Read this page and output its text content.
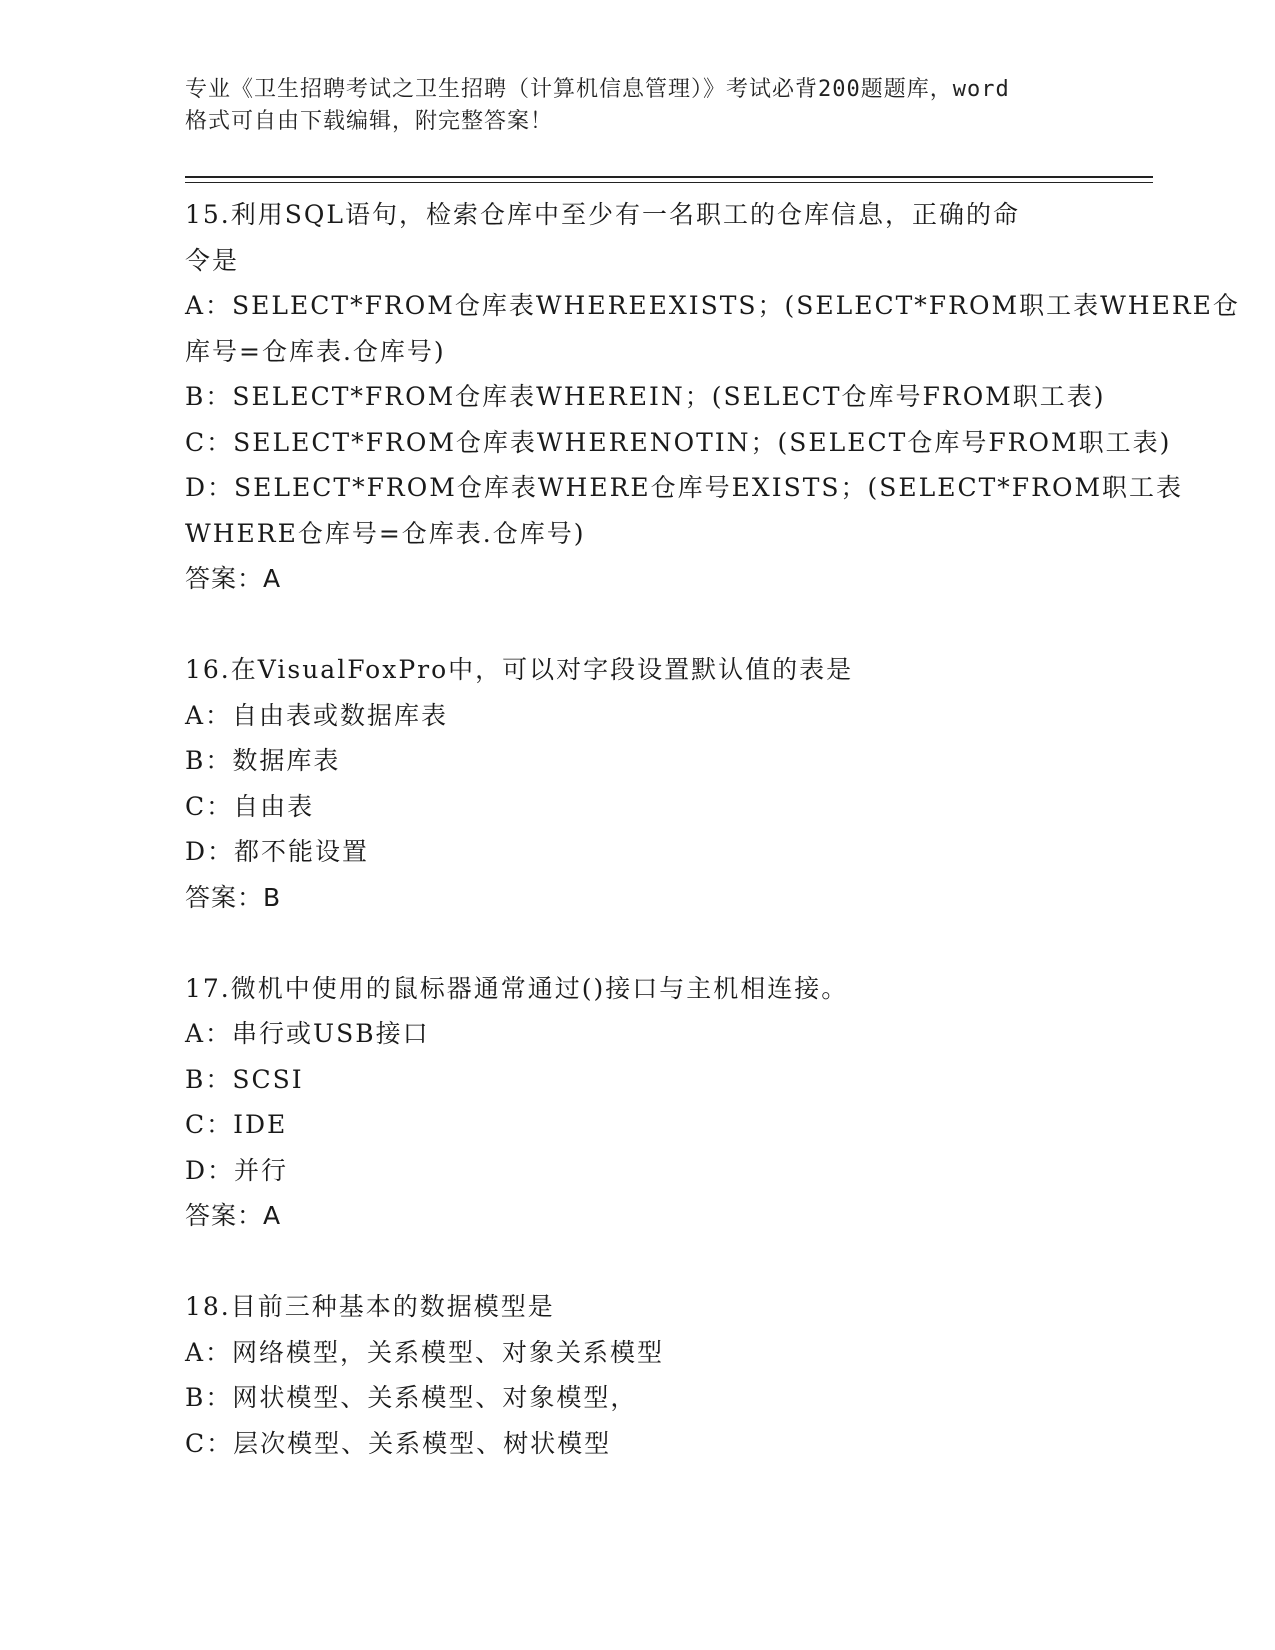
专业《卫生招聘考试之卫生招聘（计算机信息管理）》考试必背200题题库，word
格式可自由下载编辑，附完整答案！
15.利用SQL语句，检索仓库中至少有一名职工的仓库信息，正确的命
令是
A：SELECT*FROM仓库表WHEREEXISTS；(SELECT*FROM职工表WHERE仓
库号=仓库表.仓库号)
B：SELECT*FROM仓库表WHEREIN；(SELECT仓库号FROM职工表)
C：SELECT*FROM仓库表WHERENOTIN；(SELECT仓库号FROM职工表)
D：SELECT*FROM仓库表WHERE仓库号EXISTS；(SELECT*FROM职工表
WHERE仓库号=仓库表.仓库号)
答案：A
16.在VisualFoxPro中，可以对字段设置默认值的表是
A：自由表或数据库表
B：数据库表
C：自由表
D：都不能设置
答案：B
17.微机中使用的鼠标器通常通过()接口与主机相连接。
A：串行或USB接口
B：SCSI
C：IDE
D：并行
答案：A
18.目前三种基本的数据模型是
A：网络模型，关系模型、对象关系模型
B：网状模型、关系模型、对象模型，
C：层次模型、关系模型、树状模型
